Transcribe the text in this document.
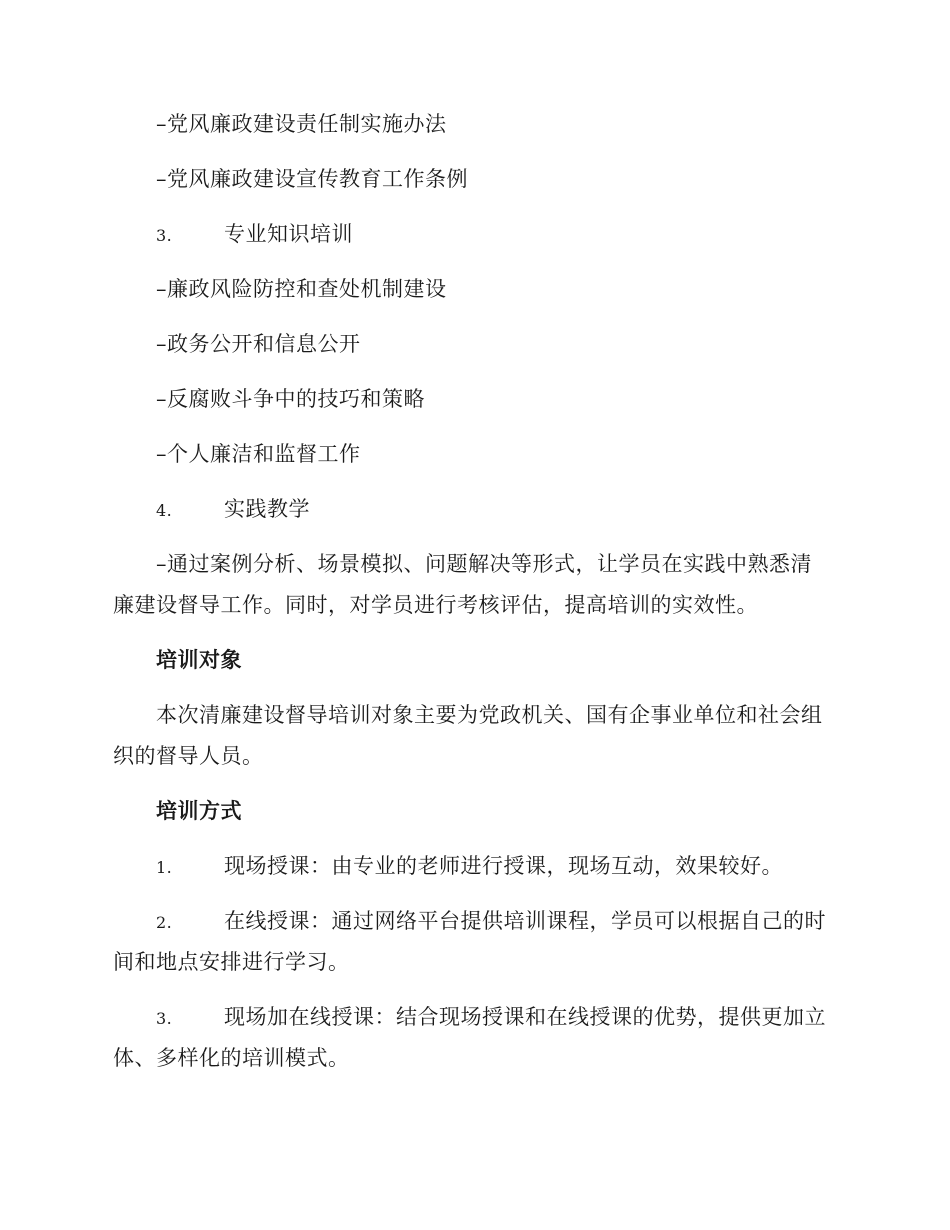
–党风廉政建设责任制实施办法
–党风廉政建设宣传教育工作条例
3. 专业知识培训
–廉政风险防控和查处机制建设
–政务公开和信息公开
–反腐败斗争中的技巧和策略
–个人廉洁和监督工作
4. 实践教学
–通过案例分析、场景模拟、问题解决等形式，让学员在实践中熟悉清
廉建设督导工作。同时，对学员进行考核评估，提高培训的实效性。
培训对象
本次清廉建设督导培训对象主要为党政机关、国有企事业单位和社会组
织的督导人员。
培训方式
1. 现场授课：由专业的老师进行授课，现场互动，效果较好。
2. 在线授课：通过网络平台提供培训课程，学员可以根据自己的时
间和地点安排进行学习。
3. 现场加在线授课：结合现场授课和在线授课的优势，提供更加立
体、多样化的培训模式。
